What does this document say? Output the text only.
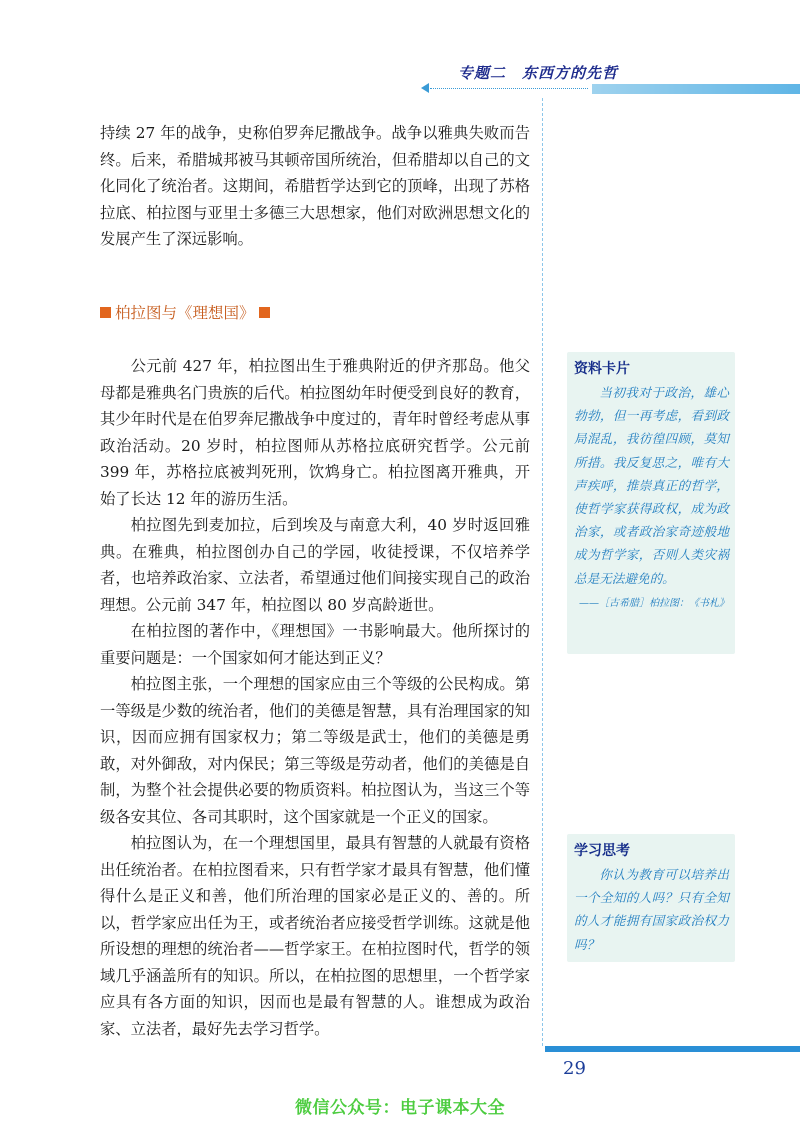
专题二　东西方的先哲

持续 27 年的战争，史称伯罗奔尼撒战争。战争以雅典失败而告终。后来，希腊城邦被马其顿帝国所统治，但希腊却以自己的文化同化了统治者。这期间，希腊哲学达到它的顶峰，出现了苏格拉底、柏拉图与亚里士多德三大思想家，他们对欧洲思想文化的发展产生了深远影响。

柏拉图与《理想国》

公元前 427 年，柏拉图出生于雅典附近的伊齐那岛。他父母都是雅典名门贵族的后代。柏拉图幼年时便受到良好的教育，其少年时代是在伯罗奔尼撒战争中度过的，青年时曾经考虑从事政治活动。20 岁时，柏拉图师从苏格拉底研究哲学。公元前 399 年，苏格拉底被判死刑，饮鸩身亡。柏拉图离开雅典，开始了长达 12 年的游历生活。

柏拉图先到麦加拉，后到埃及与南意大利，40 岁时返回雅典。在雅典，柏拉图创办自己的学园，收徒授课，不仅培养学者，也培养政治家、立法者，希望通过他们间接实现自己的政治理想。公元前 347 年，柏拉图以 80 岁高龄逝世。

在柏拉图的著作中，《理想国》一书影响最大。他所探讨的重要问题是：一个国家如何才能达到正义？

柏拉图主张，一个理想的国家应由三个等级的公民构成。第一等级是少数的统治者，他们的美德是智慧，具有治理国家的知识，因而应拥有国家权力；第二等级是武士，他们的美德是勇敢，对外御敌，对内保民；第三等级是劳动者，他们的美德是自制，为整个社会提供必要的物质资料。柏拉图认为，当这三个等级各安其位、各司其职时，这个国家就是一个正义的国家。

柏拉图认为，在一个理想国里，最具有智慧的人就最有资格出任统治者。在柏拉图看来，只有哲学家才最具有智慧，他们懂得什么是正义和善，他们所治理的国家必是正义的、善的。所以，哲学家应出任为王，或者统治者应接受哲学训练。这就是他所设想的理想的统治者——哲学家王。在柏拉图时代，哲学的领域几乎涵盖所有的知识。所以，在柏拉图的思想里，一个哲学家应具有各方面的知识，因而也是最有智慧的人。谁想成为政治家、立法者，最好先去学习哲学。

资料卡片

当初我对于政治，雄心勃勃，但一再考虑，看到政局混乱，我彷徨四顾，莫知所措。我反复思之，唯有大声疾呼，推崇真正的哲学，使哲学家获得政权，成为政治家，或者政治家奇迹般地成为哲学家，否则人类灾祸总是无法避免的。

——［古希腊］柏拉图：《书札》
学习思考

你认为教育可以培养出一个全知的人吗？只有全知的人才能拥有国家政治权力吗？

29
微信公众号：电子课本大全
